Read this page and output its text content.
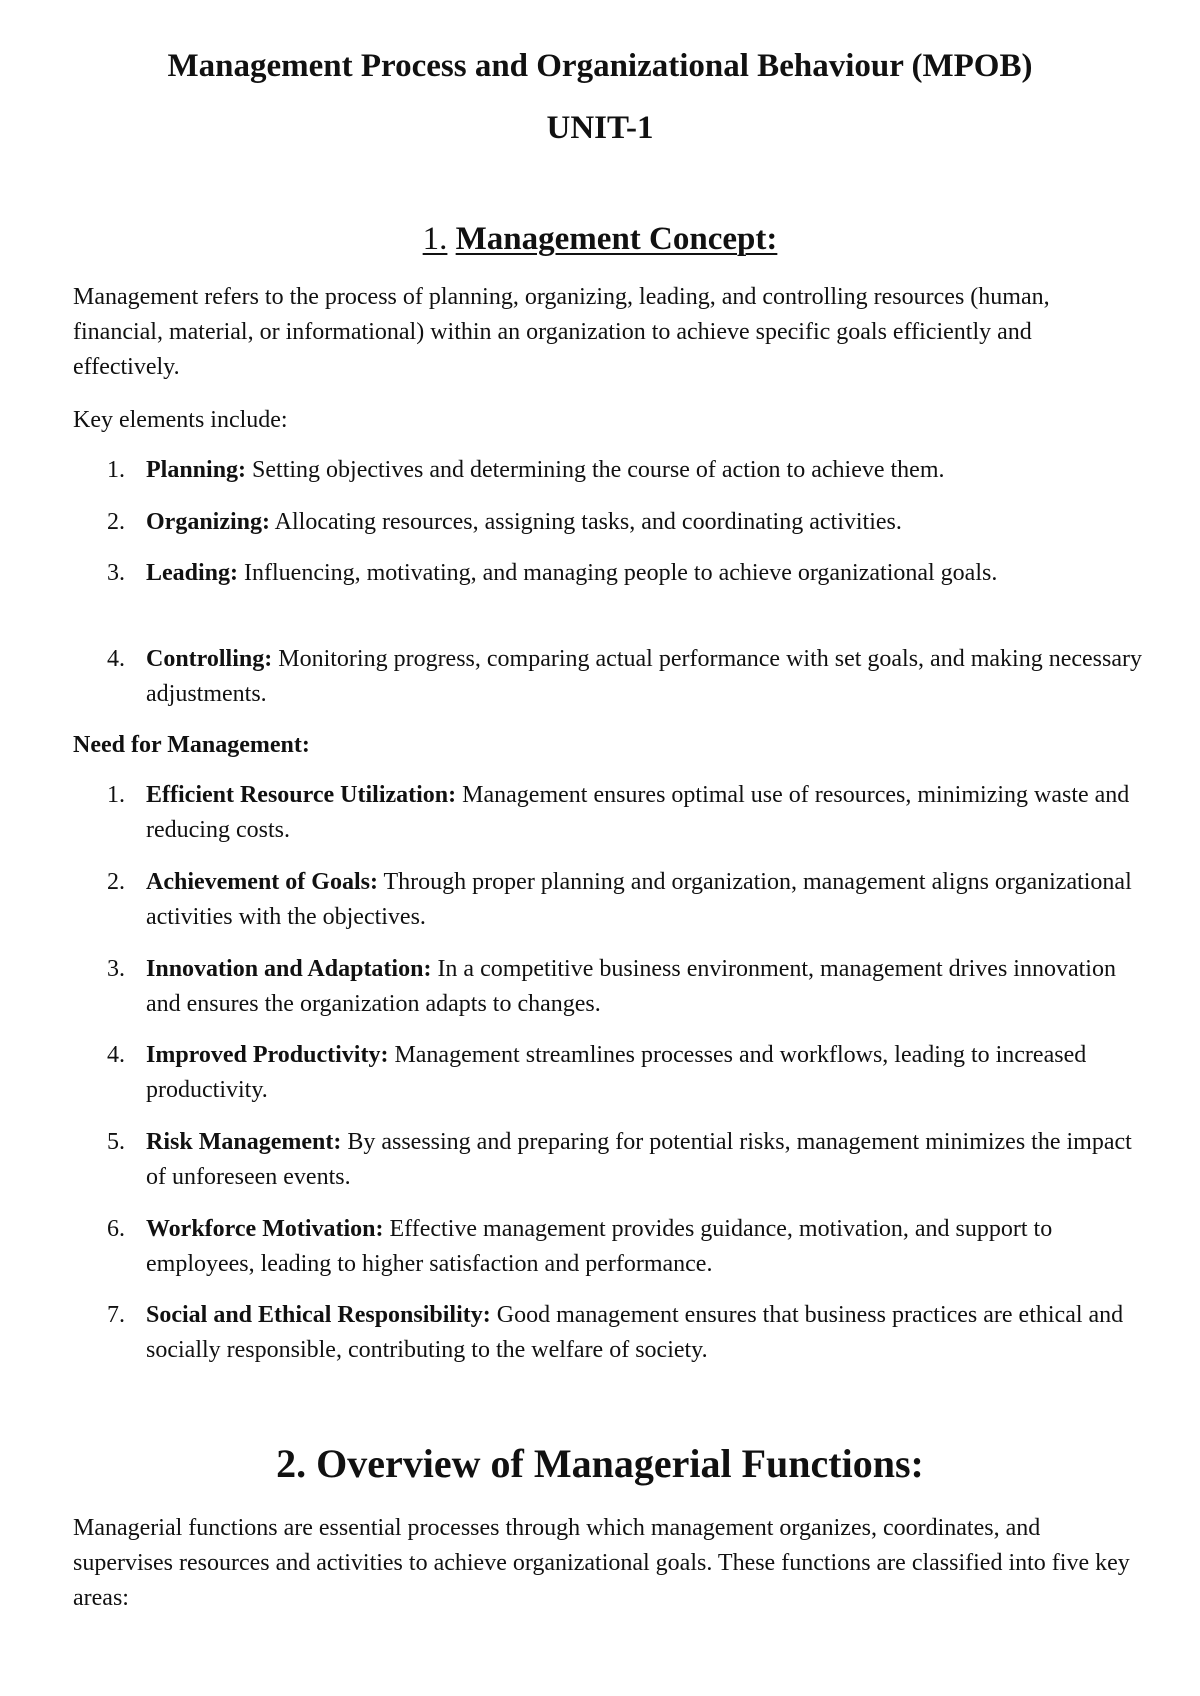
Management Process and Organizational Behaviour (MPOB)
UNIT-1
1. Management Concept:

Management refers to the process of planning, organizing, leading, and controlling resources (human, financial, material, or informational) within an organization to achieve specific goals efficiently and effectively.

Key elements include:

1. Planning: Setting objectives and determining the course of action to achieve them.
2. Organizing: Allocating resources, assigning tasks, and coordinating activities.
3. Leading: Influencing, motivating, and managing people to achieve organizational goals.
4. Controlling: Monitoring progress, comparing actual performance with set goals, and making necessary adjustments.

Need for Management:

1. Efficient Resource Utilization: Management ensures optimal use of resources, minimizing waste and reducing costs.
2. Achievement of Goals: Through proper planning and organization, management aligns organizational activities with the objectives.
3. Innovation and Adaptation: In a competitive business environment, management drives innovation and ensures the organization adapts to changes.
4. Improved Productivity: Management streamlines processes and workflows, leading to increased productivity.
5. Risk Management: By assessing and preparing for potential risks, management minimizes the impact of unforeseen events.
6. Workforce Motivation: Effective management provides guidance, motivation, and support to employees, leading to higher satisfaction and performance.
7. Social and Ethical Responsibility: Good management ensures that business practices are ethical and socially responsible, contributing to the welfare of society.
2. Overview of Managerial Functions:

Managerial functions are essential processes through which management organizes, coordinates, and supervises resources and activities to achieve organizational goals. These functions are classified into five key areas:
